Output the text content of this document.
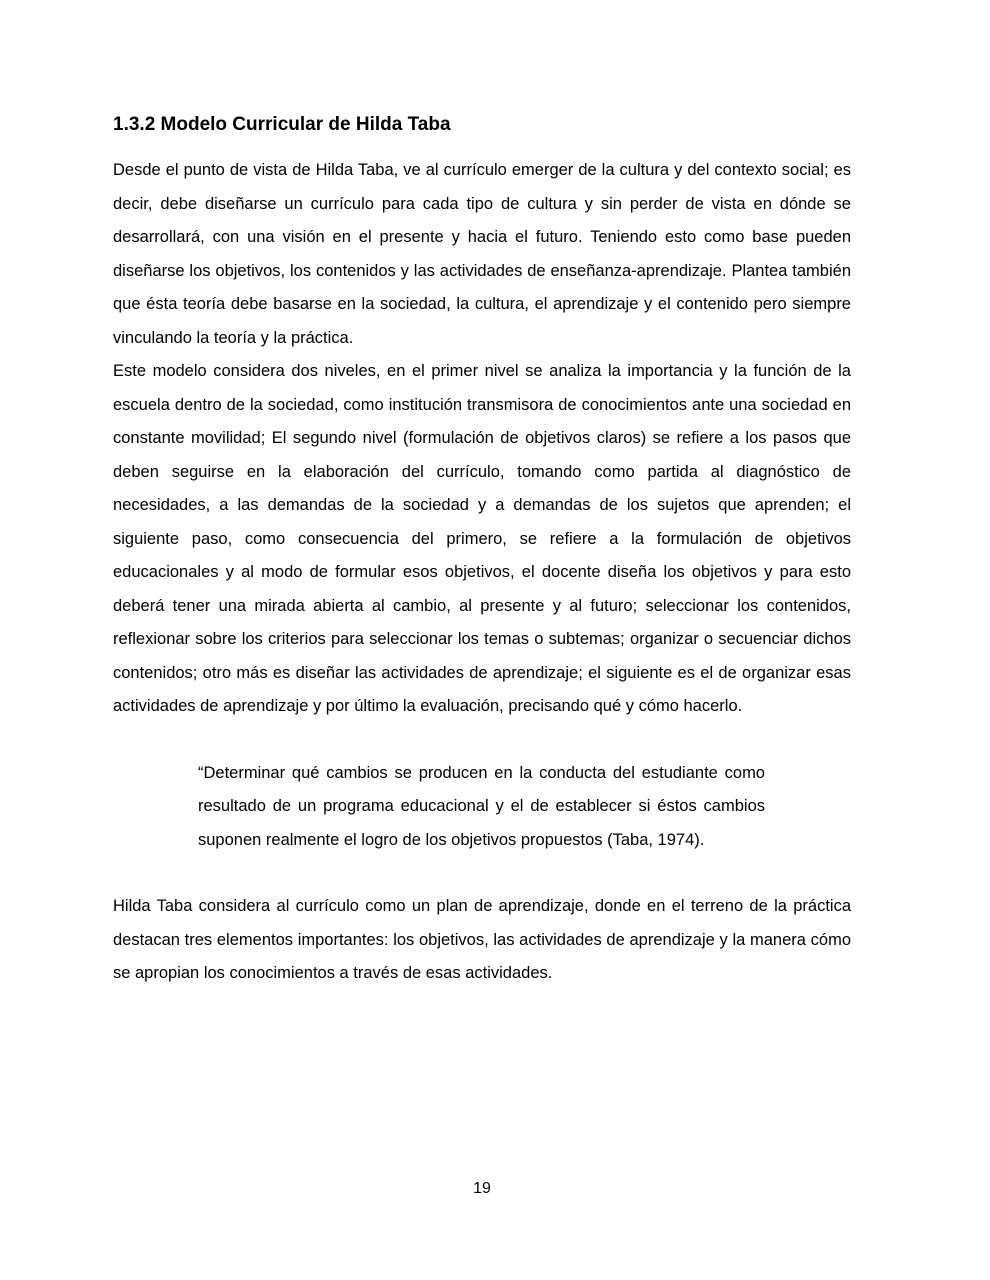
1.3.2 Modelo Curricular de Hilda Taba

Desde el punto de vista de Hilda Taba, ve al currículo emerger de la cultura y del contexto social; es decir, debe diseñarse un currículo para cada tipo de cultura y sin perder de vista en dónde se desarrollará, con una visión en el presente y hacia el futuro. Teniendo esto como base pueden diseñarse los objetivos, los contenidos y las actividades de enseñanza-aprendizaje. Plantea también que ésta teoría debe basarse en la sociedad, la cultura, el aprendizaje y el contenido pero siempre vinculando la teoría y la práctica.

Este modelo considera dos niveles, en el primer nivel se analiza la importancia y la función de la escuela dentro de la sociedad, como institución transmisora de conocimientos ante una sociedad en constante movilidad; El segundo nivel (formulación de objetivos claros) se refiere a los pasos que deben seguirse en la elaboración del currículo, tomando como partida al diagnóstico de necesidades, a las demandas de la sociedad y a demandas de los sujetos que aprenden; el siguiente paso, como consecuencia del primero, se refiere a la formulación de objetivos educacionales y al modo de formular esos objetivos, el docente diseña los objetivos y para esto deberá tener una mirada abierta al cambio, al presente y al futuro; seleccionar los contenidos, reflexionar sobre los criterios para seleccionar los temas o subtemas; organizar o secuenciar dichos contenidos; otro más es diseñar las actividades de aprendizaje; el siguiente es el de organizar esas actividades de aprendizaje y por último la evaluación, precisando qué y cómo hacerlo.

“Determinar qué cambios se producen en la conducta del estudiante como resultado de un programa educacional y el de establecer si éstos cambios suponen realmente el logro de los objetivos propuestos (Taba, 1974).

Hilda Taba considera al currículo como un plan de aprendizaje, donde en el terreno de la práctica destacan tres elementos importantes: los objetivos, las actividades de aprendizaje y la manera cómo se apropian los conocimientos a través de esas actividades.

19
